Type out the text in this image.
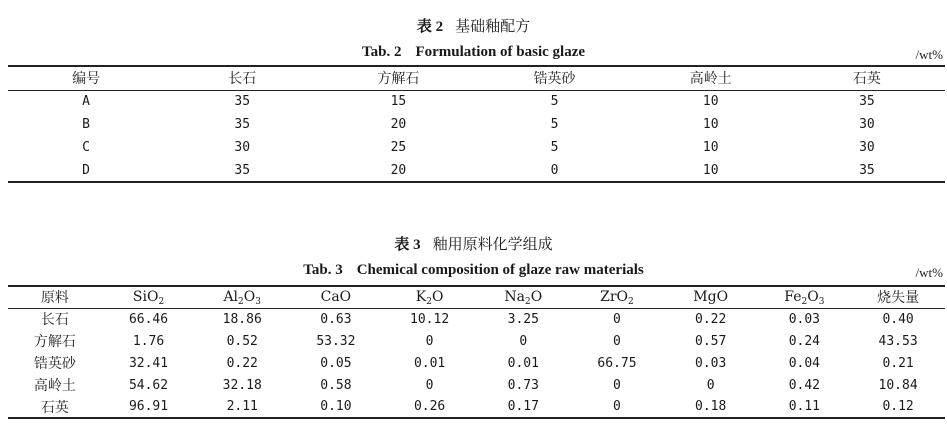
表 2 基础釉配方
Tab. 2 Formulation of basic glaze	/wt%
编号	长石	方解石	锆英砂	高岭土	石英
A	35	15	5	10	35
B	35	20	5	10	30
C	30	25	5	10	30
D	35	20	0	10	35
表 3 釉用原料化学组成
Tab. 3 Chemical composition of glaze raw materials	/wt%
原料	SiO$_2$	$Al_2O_3$	CaO	$K_2O$	$Na_2O$	ZrO$_2$	MgO	$Fe_2O_3$	烧失量
长石	66.46	18.86	0.63	10.12	3.25	0	0.22	0.03	0.40
方解石	1.76	0.52	53.32	0	0	0	0.57	0.24	43.53
锆英砂	32.41	0.22	0.05	0.01	0.01	66.75	0.03	0.04	0.21
高岭土	54.62	32.18	0.58	0	0.73	0	0	0.42	10.84
石英	96.91	2.11	0.10	0.26	0.17	0	0.18	0.11	0.12
